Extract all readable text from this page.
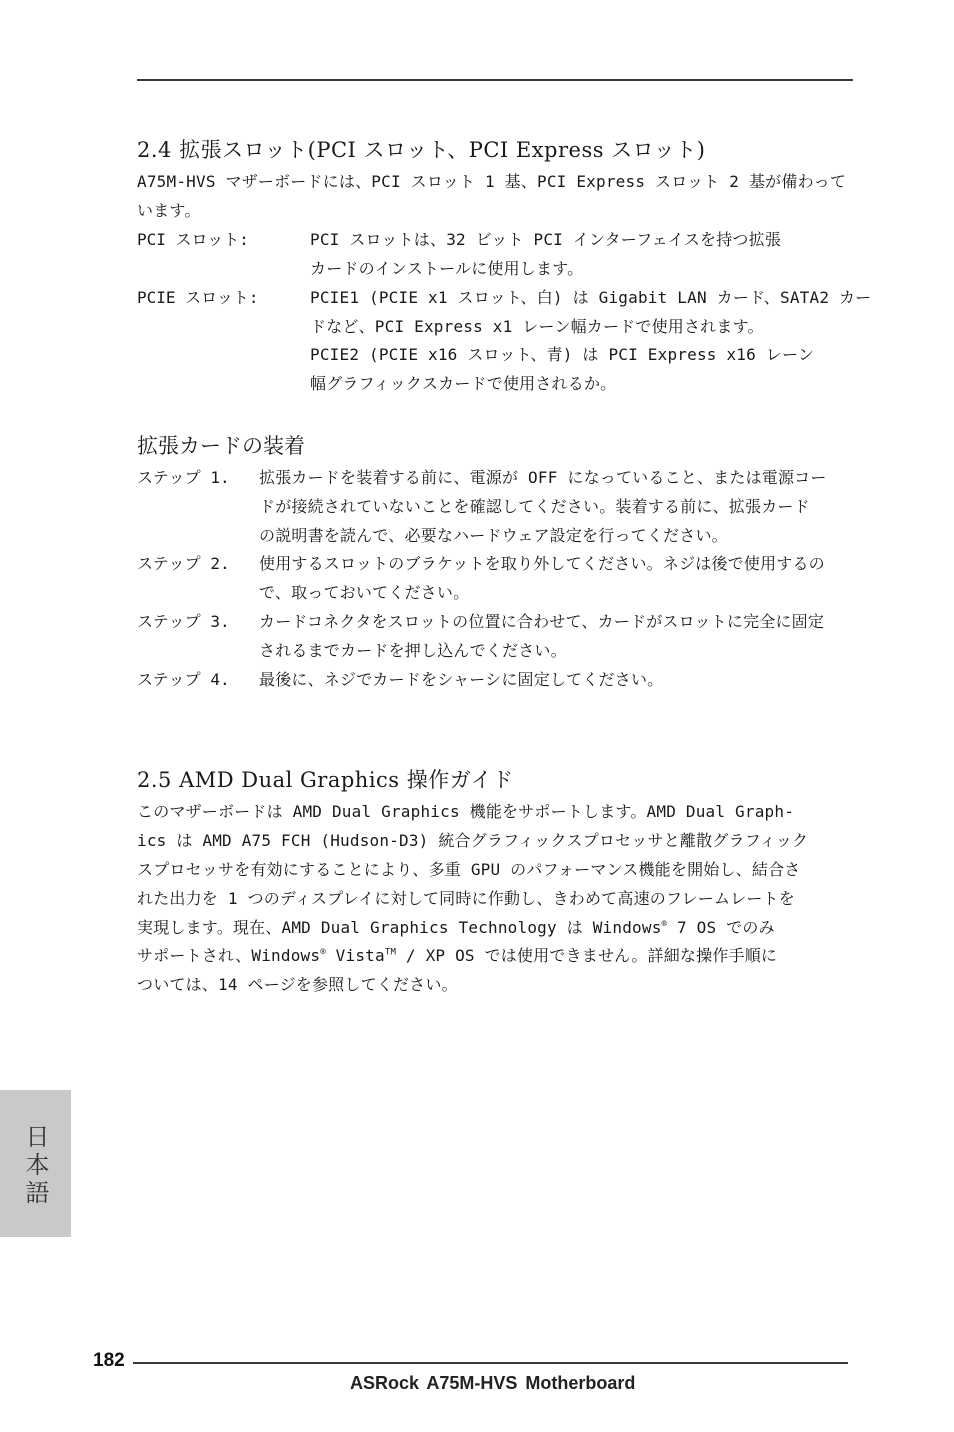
2.4 拡張スロット(PCI スロット、PCI Express スロット)
A75M-HVS マザーボードには、PCI スロット 1 基、PCI Express スロット 2 基が備わって
います。
PCI スロット:	PCI スロットは、32 ビット PCI インターフェイスを持つ拡張
カードのインストールに使用します。
PCIE スロット:	PCIE1 (PCIE x1 スロット、白) は Gigabit LAN カード、SATA2 カー
ドなど、PCI Express x1 レーン幅カードで使用されます。
PCIE2 (PCIE x16 スロット、青) は PCI Express x16 レーン
幅グラフィックスカードで使用されるか。
拡張カードの装着
ステップ 1. 拡張カードを装着する前に、電源が OFF になっていること、または電源コー
ドが接続されていないことを確認してください。装着する前に、拡張カード
の説明書を読んで、必要なハードウェア設定を行ってください。
ステップ 2. 使用するスロットのブラケットを取り外してください。ネジは後で使用するの
で、取っておいてください。
ステップ 3. カードコネクタをスロットの位置に合わせて、カードがスロットに完全に固定
されるまでカードを押し込んでください。
ステップ 4. 最後に、ネジでカードをシャーシに固定してください。
2.5 AMD Dual Graphics 操作ガイド
このマザーボードは AMD Dual Graphics 機能をサポートします。AMD Dual Graph-
ics は AMD A75 FCH (Hudson-D3) 統合グラフィックスプロセッサと離散グラフィック
スプロセッサを有効にすることにより、多重 GPU のパフォーマンス機能を開始し、結合さ
れた出力を 1 つのディスプレイに対して同時に作動し、きわめて高速のフレームレートを
実現します。現在、AMD Dual Graphics Technology は Windows® 7 OS でのみ
サポートされ、Windows® Vista™ / XP OS では使用できません。詳細な操作手順に
ついては、14 ページを参照してください。
日本語
182
ASRock A75M-HVS Motherboard
